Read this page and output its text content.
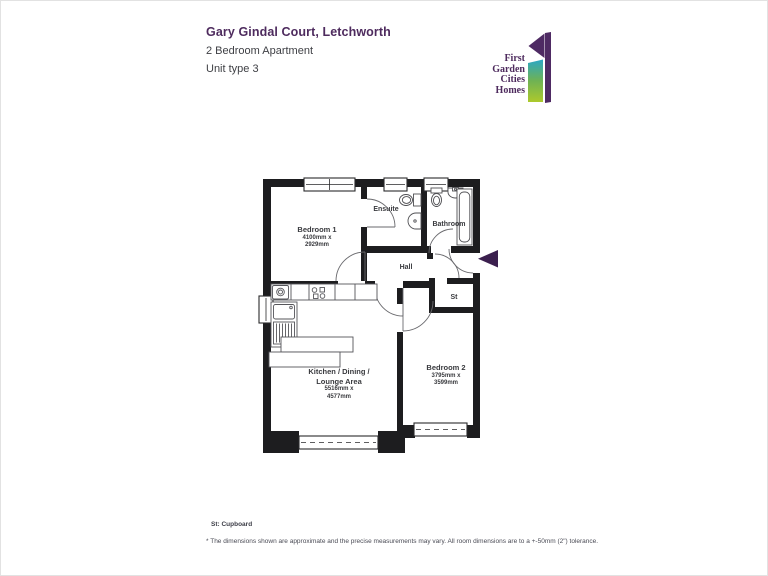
Gary Gindal Court, Letchworth
2 Bedroom Apartment
Unit type 3
First
Garden
Cities
Homes
Bedroom 1
4100mm x
2929mm
Ensuite
Bathroom
Hall
St
Kitchen / Dining /
Lounge Area
5516mm x
4577mm
Bedroom 2
3795mm x
3599mm
St: Cupboard
* The dimensions shown are approximate and the precise measurements may vary. All room dimensions are to a +-50mm (2") tolerance.
